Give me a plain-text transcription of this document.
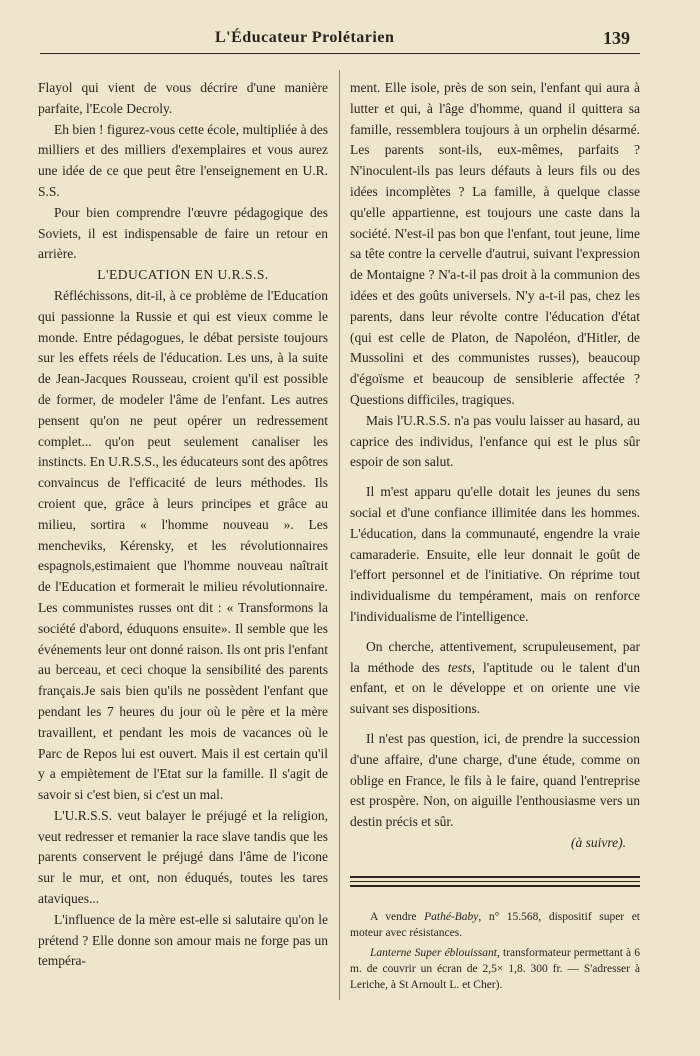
L'Éducateur Prolétarien	139

Flayol qui vient de vous décrire d'une manière parfaite, l'Ecole Decroly.

Eh bien ! figurez-vous cette école, multipliée à des milliers et des milliers d'exemplaires et vous aurez une idée de ce que peut être l'enseignement en U.R. S.S.

Pour bien comprendre l'œuvre pédagogique des Soviets, il est indispensable de faire un retour en arrière.

L'EDUCATION EN U.R.S.S.

Réfléchissons, dit-il, à ce problème de l'Education qui passionne la Russie et qui est vieux comme le monde. Entre pédagogues, le débat persiste toujours sur les effets réels de l'éducation. Les uns, à la suite de Jean-Jacques Rousseau, croient qu'il est possible de former, de modeler l'âme de l'enfant. Les autres pensent qu'on ne peut opérer un redressement complet... qu'on peut seulement canaliser les instincts. En U.R.S.S., les éducateurs sont des apôtres convaincus de l'efficacité de leurs méthodes. Ils croient que, grâce à leurs principes et grâce au milieu, sortira « l'homme nouveau ». Les mencheviks, Kérensky, et les révolutionnaires espagnols,estimaient que l'homme nouveau naîtrait de l'Education et formerait le milieu révolutionnaire. Les communistes russes ont dit : « Transformons la société d'abord, éduquons ensuite». Il semble que les événements leur ont donné raison. Ils ont pris l'enfant au berceau, et ceci choque la sensibilité des parents français.Je sais bien qu'ils ne possèdent l'enfant que pendant les 7 heures du jour où le père et la mère travaillent, et pendant les mois de vacances où le Parc de Repos lui est ouvert. Mais il est certain qu'il y a empiètement de l'Etat sur la famille. Il s'agit de savoir si c'est bien, si c'est un mal.

L'U.R.S.S. veut balayer le préjugé et la religion, veut redresser et remanier la race slave tandis que les parents conservent le préjugé dans l'âme de l'icone sur le mur, et ont, non éduqués, toutes les tares ataviques...

L'influence de la mère est-elle si salutaire qu'on le prétend ? Elle donne son amour mais ne forge pas un tempéra-

ment. Elle isole, près de son sein, l'enfant qui aura à lutter et qui, à l'âge d'homme, quand il quittera sa famille, ressemblera toujours à un orphelin désarmé. Les parents sont-ils, eux-mêmes, parfaits ? N'inoculent-ils pas leurs défauts à leurs fils ou des idées incomplètes ? La famille, à quelque classe qu'elle appartienne, est toujours une caste dans la société. N'est-il pas bon que l'enfant, tout jeune, lime sa tête contre la cervelle d'autrui, suivant l'expression de Montaigne ? N'a-t-il pas droit à la communion des idées et des goûts universels. N'y a-t-il pas, chez les parents, dans leur révolte contre l'éducation d'état (qui est celle de Platon, de Napoléon, d'Hitler, de Mussolini et des communistes russes), beaucoup d'égoïsme et beaucoup de sensiblerie affectée ? Questions difficiles, tragiques.

Mais l'U.R.S.S. n'a pas voulu laisser au hasard, au caprice des individus, l'enfance qui est le plus sûr espoir de son salut.

Il m'est apparu qu'elle dotait les jeunes du sens social et d'une confiance illimitée dans les hommes. L'éducation, dans la communauté, engendre la vraie camaraderie. Ensuite, elle leur donnait le goût de l'effort personnel et de l'initiative. On réprime tout individualisme du tempérament, mais on renforce l'individualisme de l'intelligence.

On cherche, attentivement, scrupuleusement, par la méthode des tests, l'aptitude ou le talent d'un enfant, et on le développe et on oriente une vie suivant ses dispositions.

Il n'est pas question, ici, de prendre la succession d'une affaire, d'une charge, d'une étude, comme on oblige en France, le fils à le faire, quand l'entreprise est prospère. Non, on aiguille l'enthousiasme vers un destin précis et sûr.

(à suivre).

A vendre Pathé-Baby, n° 15.568, dispositif super et moteur avec résistances.

Lanterne Super éblouissant, transformateur permettant à 6 m. de couvrir un écran de 2,5× 1,8. 300 fr. — S'adresser à Leriche, à St Arnoult L. et Cher).
